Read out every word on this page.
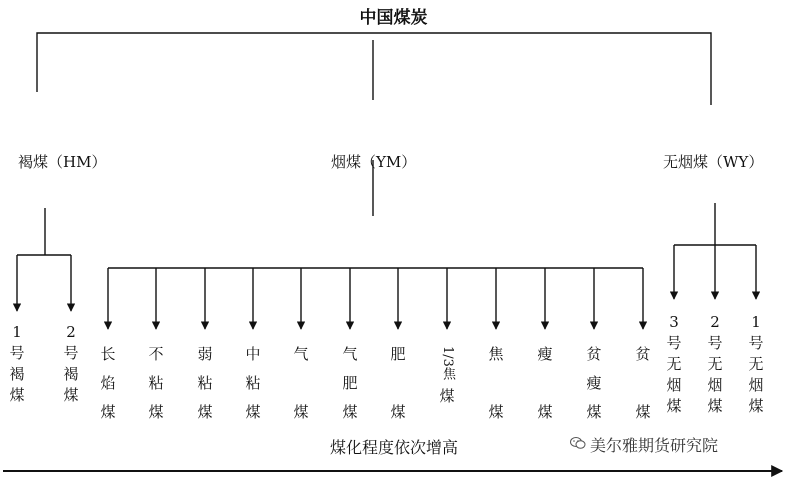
中国煤炭
褐煤（HM）	烟煤（YM）	无烟煤（WY）
1
号
褐
煤
2
号
褐
煤
长
焰
煤
不
粘
煤
弱
粘
煤
中
粘
煤
气

煤
气
肥
煤
肥

煤
1/3焦
煤
焦

煤
瘦

煤
贫
瘦
煤
贫

煤
3
号
无
烟
煤
2
号
无
烟
煤
1
号
无
烟
煤
煤化程度依次增高	美尔雅期货研究院
